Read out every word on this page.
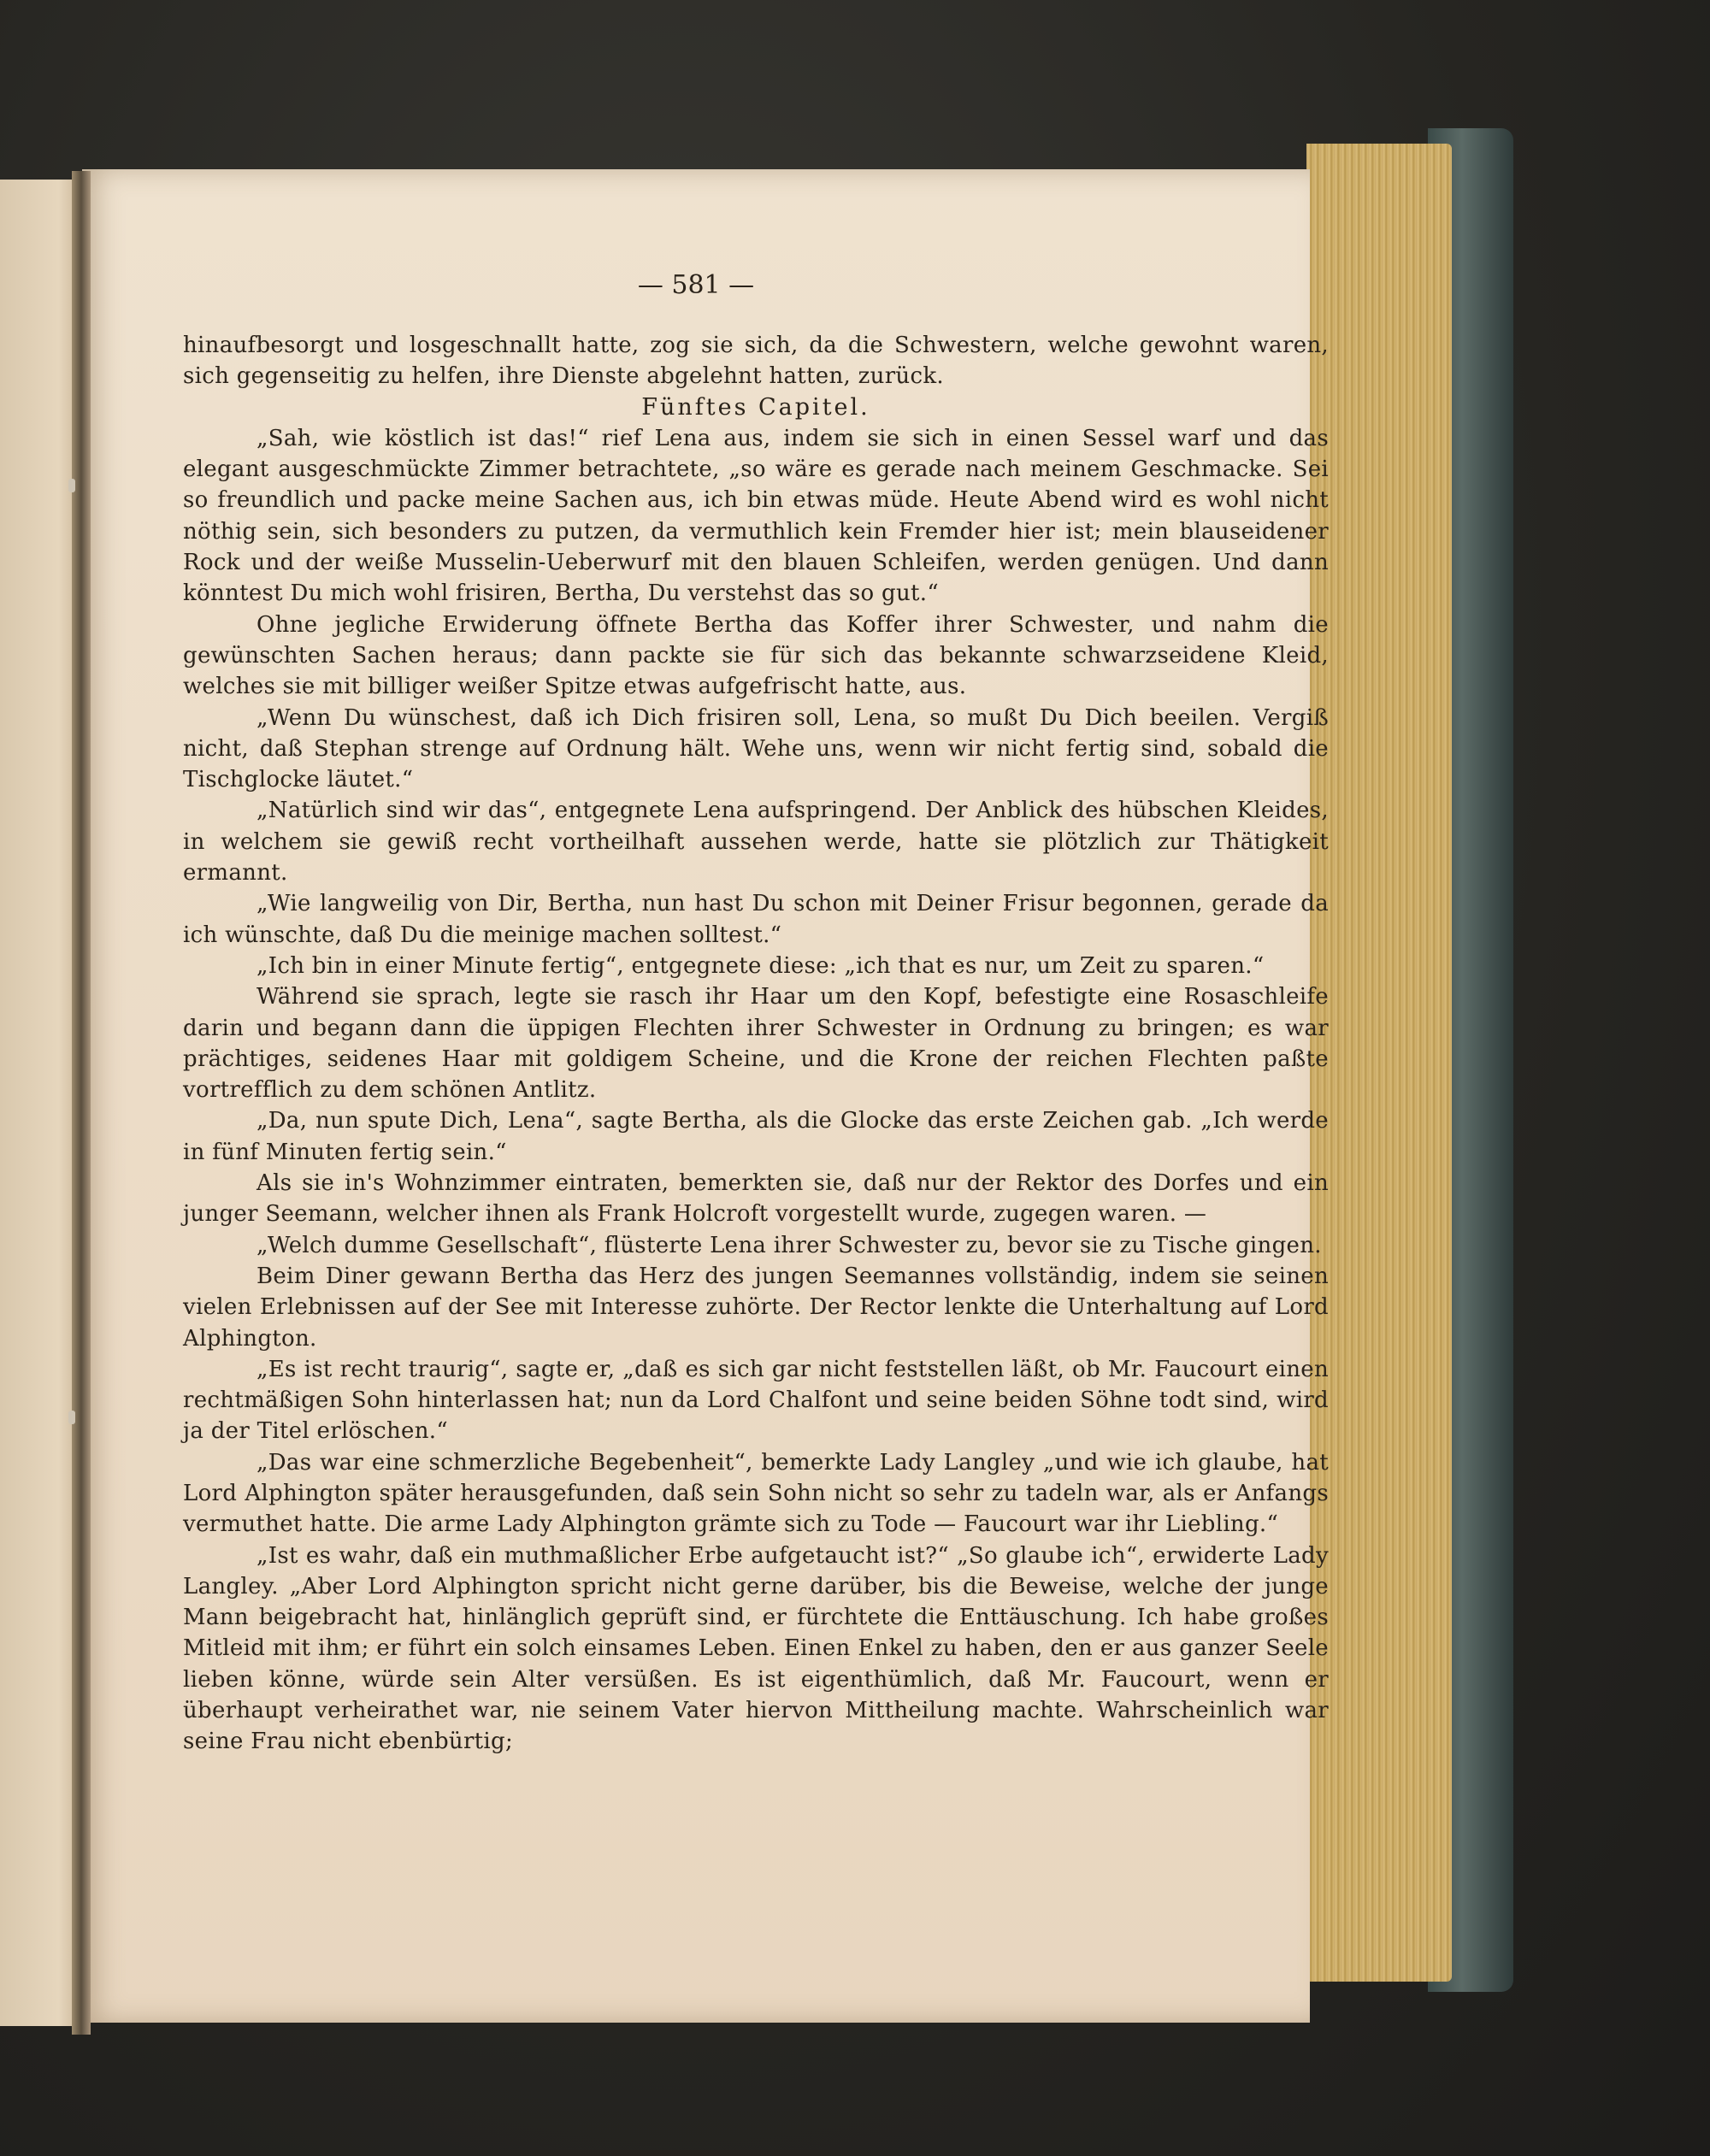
— 581 —

hinaufbesorgt und losgeschnallt hatte, zog sie sich, da die Schwestern, welche gewohnt waren, sich gegenseitig zu helfen, ihre Dienste abgelehnt hatten, zurück.

Fünftes Capitel.

„Sah, wie köstlich ist das!“ rief Lena aus, indem sie sich in einen Sessel warf und das elegant ausgeschmückte Zimmer betrachtete, „so wäre es gerade nach meinem Geschmacke. Sei so freundlich und packe meine Sachen aus, ich bin etwas müde. Heute Abend wird es wohl nicht nöthig sein, sich besonders zu putzen, da vermuthlich kein Fremder hier ist; mein blauseidener Rock und der weiße Musselin-Ueberwurf mit den blauen Schleifen, werden genügen. Und dann könntest Du mich wohl frisiren, Bertha, Du verstehst das so gut.“

Ohne jegliche Erwiderung öffnete Bertha das Koffer ihrer Schwester, und nahm die gewünschten Sachen heraus; dann packte sie für sich das bekannte schwarzseidene Kleid, welches sie mit billiger weißer Spitze etwas aufgefrischt hatte, aus.

„Wenn Du wünschest, daß ich Dich frisiren soll, Lena, so mußt Du Dich beeilen. Vergiß nicht, daß Stephan strenge auf Ordnung hält. Wehe uns, wenn wir nicht fertig sind, sobald die Tischglocke läutet.“

„Natürlich sind wir das“, entgegnete Lena aufspringend. Der Anblick des hübschen Kleides, in welchem sie gewiß recht vortheilhaft aussehen werde, hatte sie plötzlich zur Thätigkeit ermannt.

„Wie langweilig von Dir, Bertha, nun hast Du schon mit Deiner Frisur begonnen, gerade da ich wünschte, daß Du die meinige machen solltest.“

„Ich bin in einer Minute fertig“, entgegnete diese: „ich that es nur, um Zeit zu sparen.“

Während sie sprach, legte sie rasch ihr Haar um den Kopf, befestigte eine Rosaschleife darin und begann dann die üppigen Flechten ihrer Schwester in Ordnung zu bringen; es war prächtiges, seidenes Haar mit goldigem Scheine, und die Krone der reichen Flechten paßte vortrefflich zu dem schönen Antlitz.

„Da, nun spute Dich, Lena“, sagte Bertha, als die Glocke das erste Zeichen gab. „Ich werde in fünf Minuten fertig sein.“

Als sie in's Wohnzimmer eintraten, bemerkten sie, daß nur der Rektor des Dorfes und ein junger Seemann, welcher ihnen als Frank Holcroft vorgestellt wurde, zugegen waren. —

„Welch dumme Gesellschaft“, flüsterte Lena ihrer Schwester zu, bevor sie zu Tische gingen.

Beim Diner gewann Bertha das Herz des jungen Seemannes vollständig, indem sie seinen vielen Erlebnissen auf der See mit Interesse zuhörte. Der Rector lenkte die Unterhaltung auf Lord Alphington.

„Es ist recht traurig“, sagte er, „daß es sich gar nicht feststellen läßt, ob Mr. Faucourt einen rechtmäßigen Sohn hinterlassen hat; nun da Lord Chalfont und seine beiden Söhne todt sind, wird ja der Titel erlöschen.“

„Das war eine schmerzliche Begebenheit“, bemerkte Lady Langley „und wie ich glaube, hat Lord Alphington später herausgefunden, daß sein Sohn nicht so sehr zu tadeln war, als er Anfangs vermuthet hatte. Die arme Lady Alphington grämte sich zu Tode — Faucourt war ihr Liebling.“

„Ist es wahr, daß ein muthmaßlicher Erbe aufgetaucht ist?“ „So glaube ich“, erwiderte Lady Langley. „Aber Lord Alphington spricht nicht gerne darüber, bis die Beweise, welche der junge Mann beigebracht hat, hinlänglich geprüft sind, er fürchtete die Enttäuschung. Ich habe großes Mitleid mit ihm; er führt ein solch einsames Leben. Einen Enkel zu haben, den er aus ganzer Seele lieben könne, würde sein Alter versüßen. Es ist eigenthümlich, daß Mr. Faucourt, wenn er überhaupt verheirathet war, nie seinem Vater hiervon Mittheilung machte. Wahrscheinlich war seine Frau nicht ebenbürtig;
